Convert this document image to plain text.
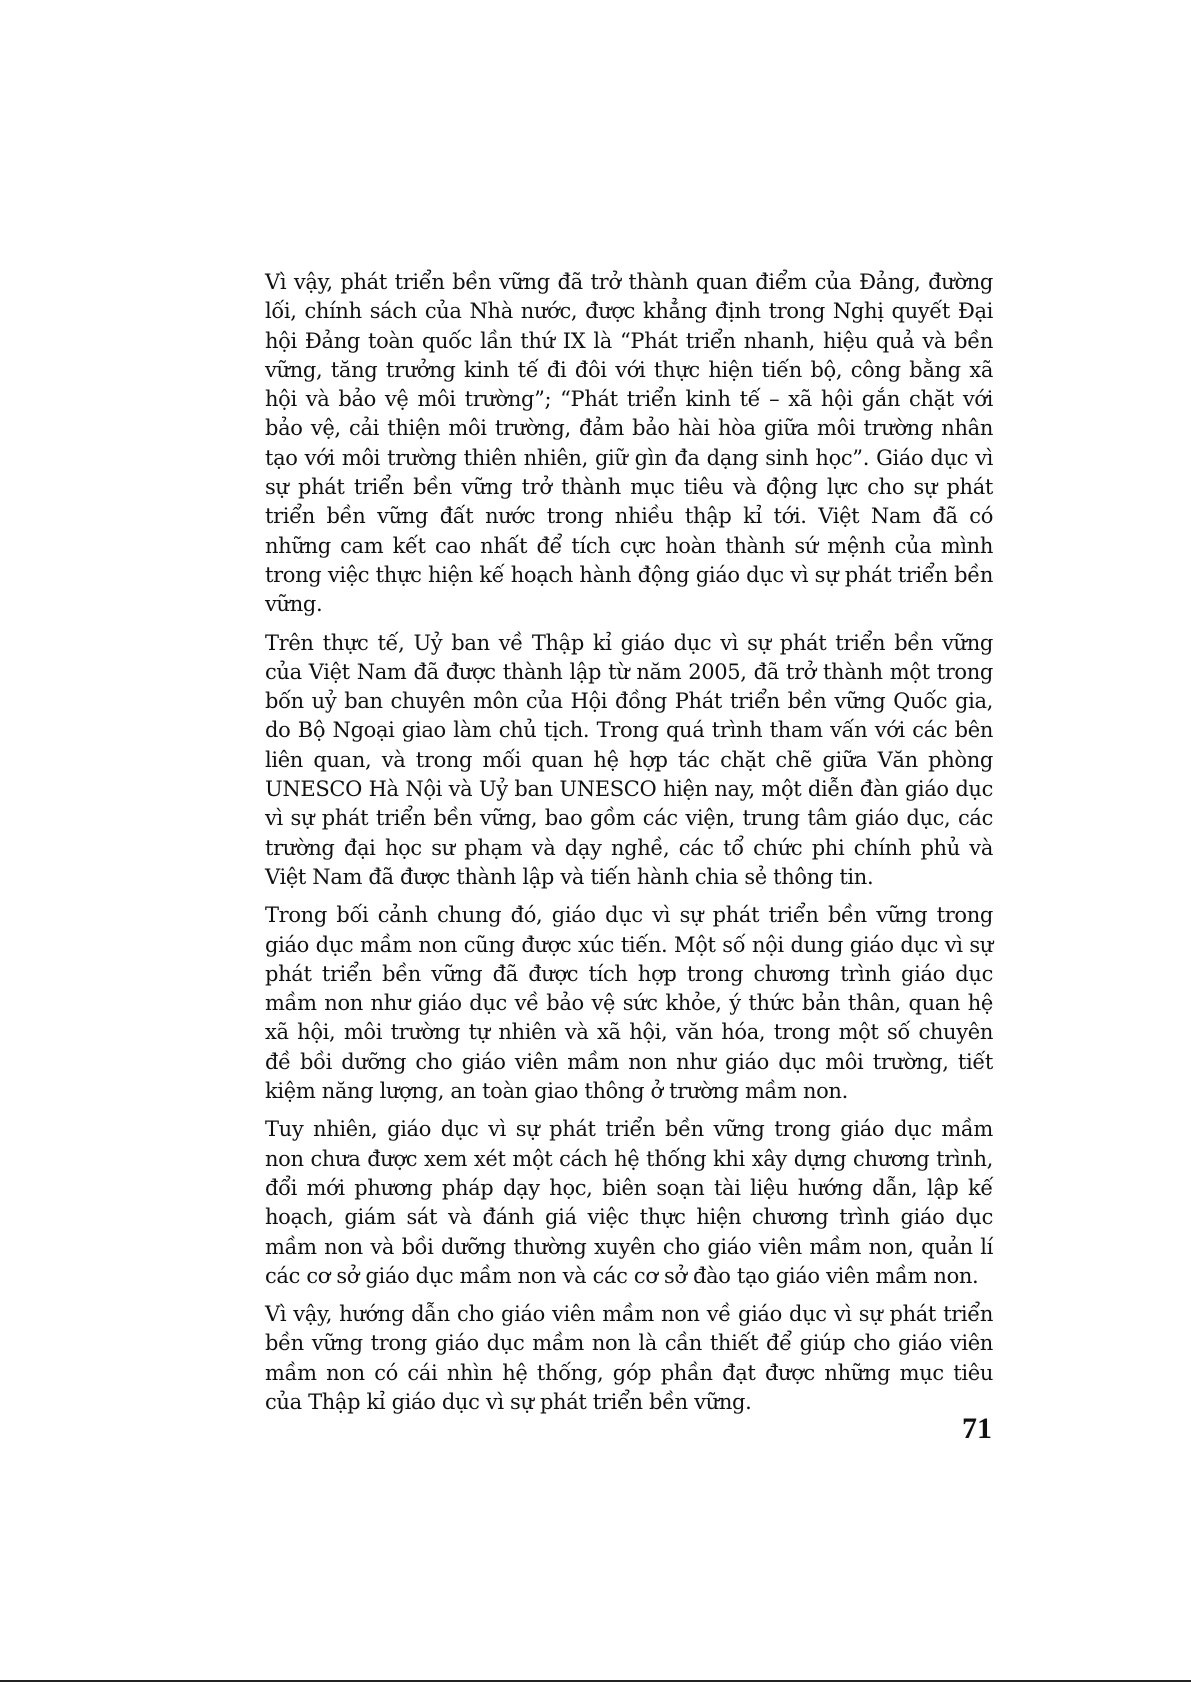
Vì vậy, phát triển bền vững đã trở thành quan điểm của Đảng, đường lối, chính sách của Nhà nước, được khẳng định trong Nghị quyết Đại hội Đảng toàn quốc lần thứ IX là “Phát triển nhanh, hiệu quả và bền vững, tăng trưởng kinh tế đi đôi với thực hiện tiến bộ, công bằng xã hội và bảo vệ môi trường”; “Phát triển kinh tế – xã hội gắn chặt với bảo vệ, cải thiện môi trường, đảm bảo hài hòa giữa môi trường nhân tạo với môi trường thiên nhiên, giữ gìn đa dạng sinh học”. Giáo dục vì sự phát triển bền vững trở thành mục tiêu và động lực cho sự phát triển bền vững đất nước trong nhiều thập kỉ tới. Việt Nam đã có những cam kết cao nhất để tích cực hoàn thành sứ mệnh của mình trong việc thực hiện kế hoạch hành động giáo dục vì sự phát triển bền vững.

Trên thực tế, Uỷ ban về Thập kỉ giáo dục vì sự phát triển bền vững của Việt Nam đã được thành lập từ năm 2005, đã trở thành một trong bốn uỷ ban chuyên môn của Hội đồng Phát triển bền vững Quốc gia, do Bộ Ngoại giao làm chủ tịch. Trong quá trình tham vấn với các bên liên quan, và trong mối quan hệ hợp tác chặt chẽ giữa Văn phòng UNESCO Hà Nội và Uỷ ban UNESCO hiện nay, một diễn đàn giáo dục vì sự phát triển bền vững, bao gồm các viện, trung tâm giáo dục, các trường đại học sư phạm và dạy nghề, các tổ chức phi chính phủ và Việt Nam đã được thành lập và tiến hành chia sẻ thông tin.

Trong bối cảnh chung đó, giáo dục vì sự phát triển bền vững trong giáo dục mầm non cũng được xúc tiến. Một số nội dung giáo dục vì sự phát triển bền vững đã được tích hợp trong chương trình giáo dục mầm non như giáo dục về bảo vệ sức khỏe, ý thức bản thân, quan hệ xã hội, môi trường tự nhiên và xã hội, văn hóa, trong một số chuyên đề bồi dưỡng cho giáo viên mầm non như giáo dục môi trường, tiết kiệm năng lượng, an toàn giao thông ở trường mầm non.

Tuy nhiên, giáo dục vì sự phát triển bền vững trong giáo dục mầm non chưa được xem xét một cách hệ thống khi xây dựng chương trình, đổi mới phương pháp dạy học, biên soạn tài liệu hướng dẫn, lập kế hoạch, giám sát và đánh giá việc thực hiện chương trình giáo dục mầm non và bồi dưỡng thường xuyên cho giáo viên mầm non, quản lí các cơ sở giáo dục mầm non và các cơ sở đào tạo giáo viên mầm non.

Vì vậy, hướng dẫn cho giáo viên mầm non về giáo dục vì sự phát triển bền vững trong giáo dục mầm non là cần thiết để giúp cho giáo viên mầm non có cái nhìn hệ thống, góp phần đạt được những mục tiêu của Thập kỉ giáo dục vì sự phát triển bền vững.

71
